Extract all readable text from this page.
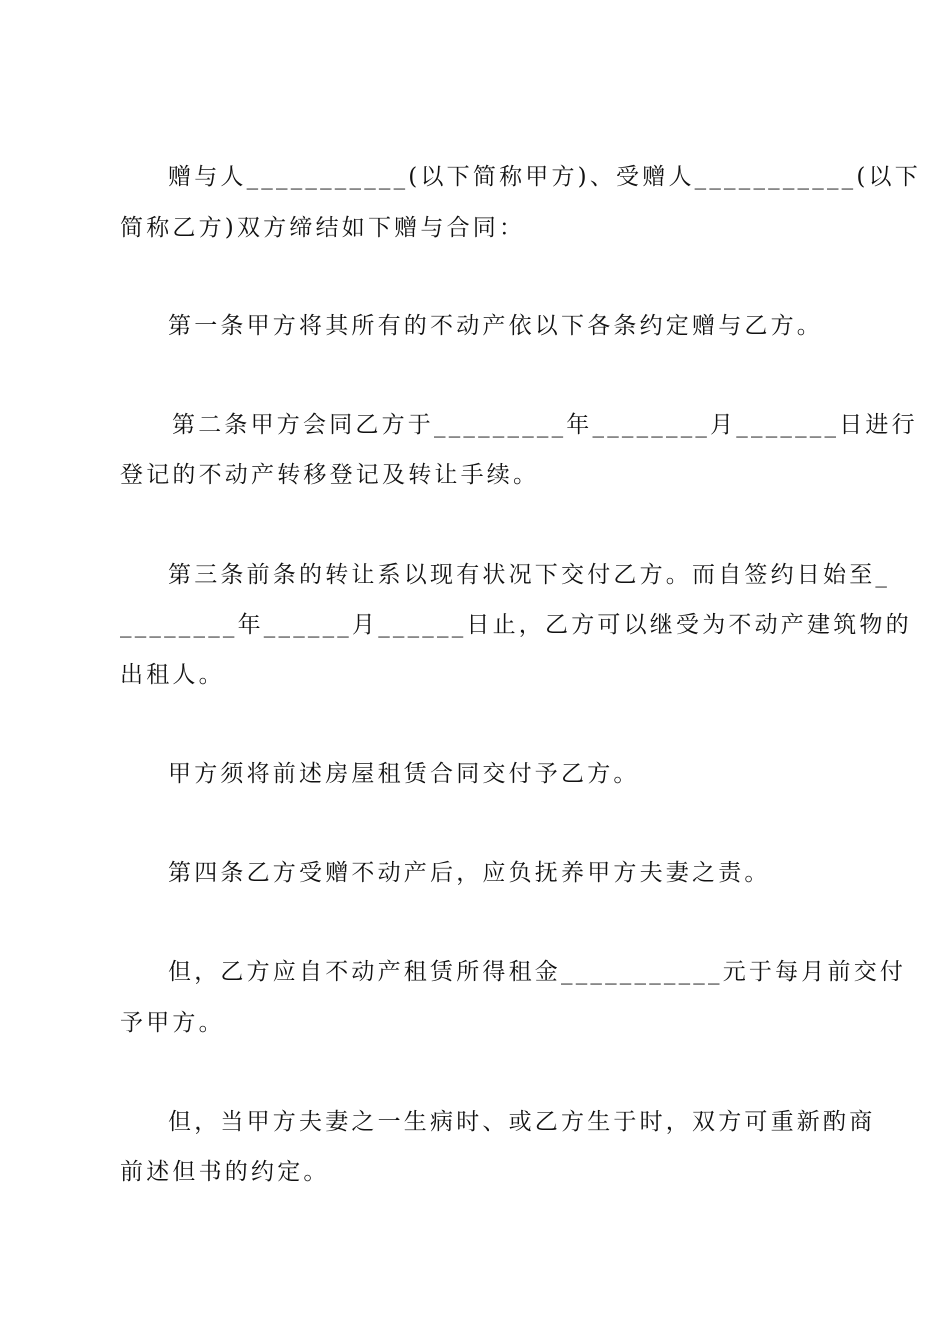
赠与人___________(以下简称甲方)、受赠人___________(以下
简称乙方)双方缔结如下赠与合同：
第一条甲方将其所有的不动产依以下各条约定赠与乙方。
第二条甲方会同乙方于_________年________月_______日进行
登记的不动产转移登记及转让手续。
第三条前条的转让系以现有状况下交付乙方。而自签约日始至_
________年______月______日止，乙方可以继受为不动产建筑物的
出租人。
甲方须将前述房屋租赁合同交付予乙方。
第四条乙方受赠不动产后，应负抚养甲方夫妻之责。
但，乙方应自不动产租赁所得租金___________元于每月前交付
予甲方。
但，当甲方夫妻之一生病时、或乙方生于时，双方可重新酌商
前述但书的约定。
